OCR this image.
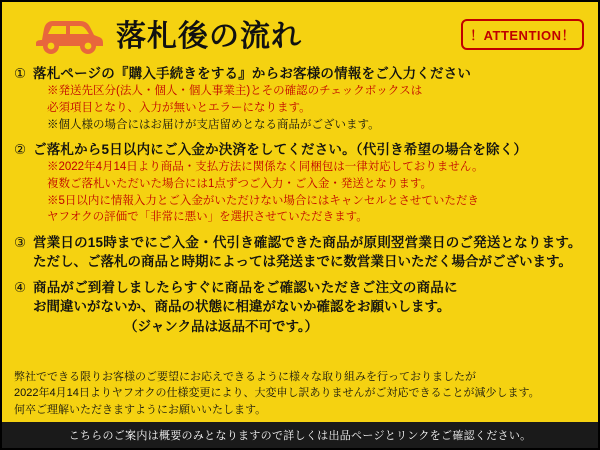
落札後の流れ	！ATTENTION！
① 落札ページの『購入手続きをする』からお客様の情報をご入力ください
※発送先区分(法人・個人・個人事業主)とその確認のチェックボックスは
必須項目となり、入力が無いとエラーになります。
※個人様の場合にはお届けが支店留めとなる商品がございます。
② ご落札から5日以内にご入金か決済をしてください。（代引き希望の場合を除く）
※2022年4月14日より商品・支払方法に関係なく同梱包は一律対応しておりません。
複数ご落札いただいた場合には1点ずつご入力・ご入金・発送となります。
※5日以内に情報入力とご入金がいただけない場合にはキャンセルとさせていただき
ヤフオクの評価で「非常に悪い」を選択させていただきます。
③ 営業日の15時までにご入金・代引き確認できた商品が原則翌営業日のご発送となります。
ただし、ご落札の商品と時期によっては発送までに数営業日いただく場合がございます。
④ 商品がご到着しましたらすぐに商品をご確認いただきご注文の商品に
お間違いがないか、商品の状態に相違がないか確認をお願いします。
（ジャンク品は返品不可です。）
弊社でできる限りお客様のご要望にお応えできるように様々な取り組みを行っておりましたが
2022年4月14日よりヤフオクの仕様変更により、大変申し訳ありませんがご対応できることが減少します。
何卒ご理解いただきますようにお願いいたします。
こちらのご案内は概要のみとなりますので詳しくは出品ページとリンクをご確認ください。
